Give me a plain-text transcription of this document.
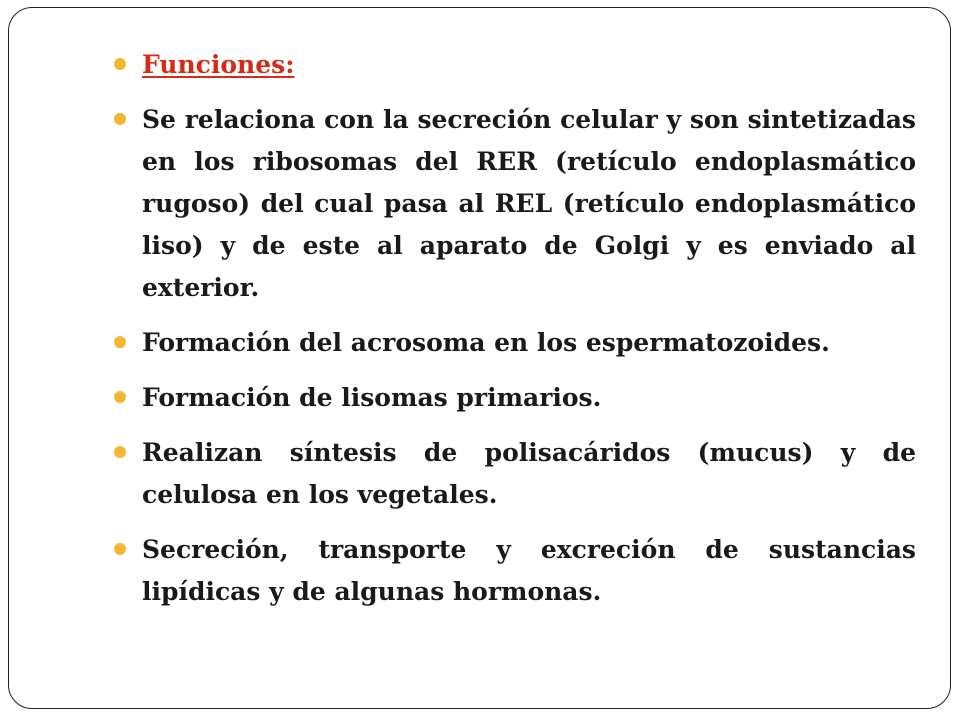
Funciones:
Se relaciona con la secreción celular y son sintetizadas en los ribosomas del RER (retículo endoplasmático rugoso) del cual pasa al REL (retículo endoplasmático liso) y de este al aparato de Golgi y es enviado al exterior.
Formación del acrosoma en los espermatozoides.
Formación de lisomas primarios.
Realizan síntesis de polisacáridos (mucus) y de celulosa en los vegetales.
Secreción, transporte y excreción de sustancias lipídicas y de algunas hormonas.
